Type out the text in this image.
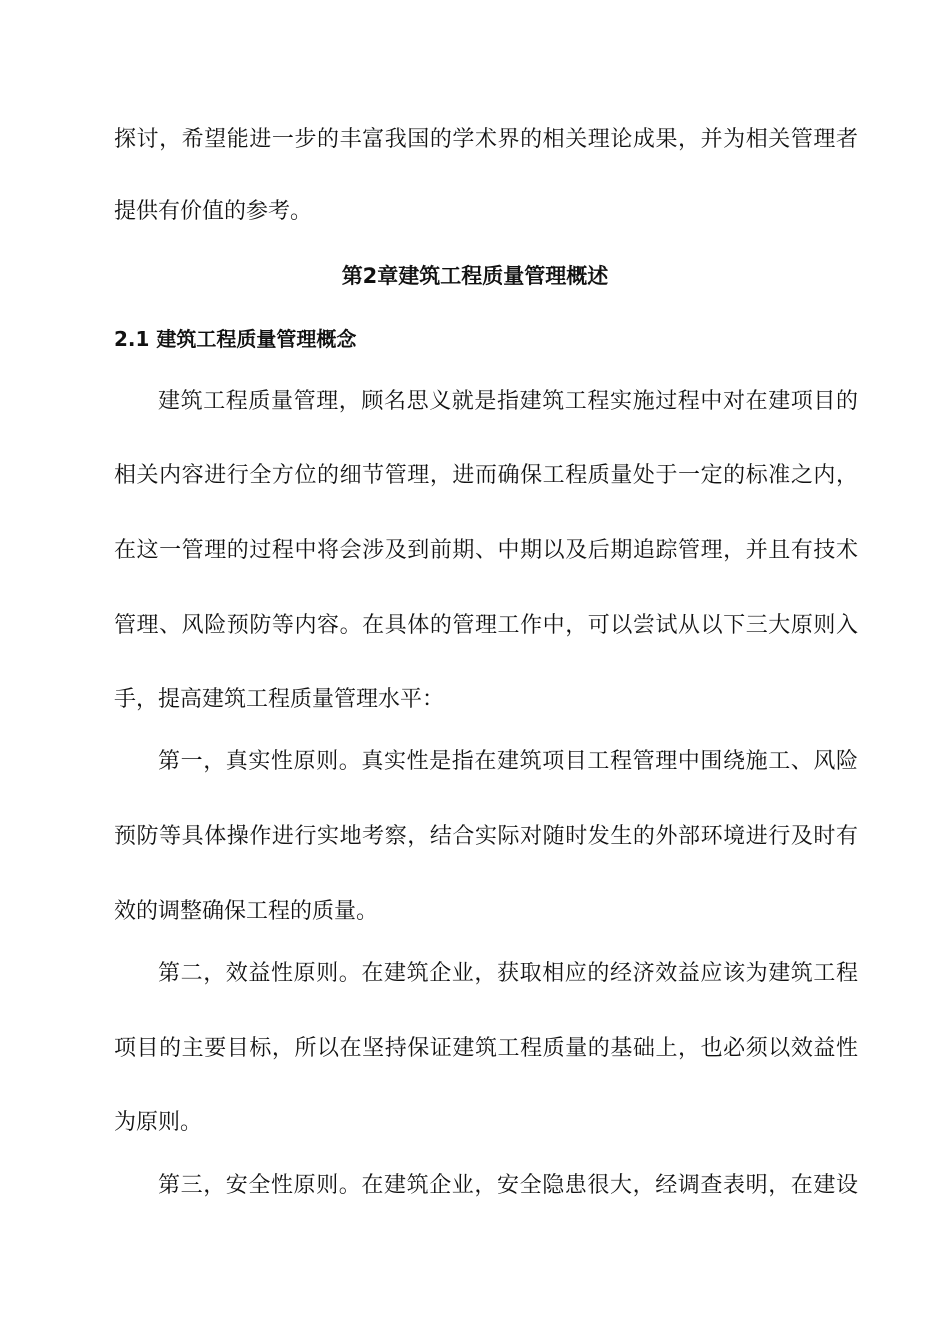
探讨，希望能进一步的丰富我国的学术界的相关理论成果，并为相关管理者
提供有价值的参考。
第2章建筑工程质量管理概述
2.1 建筑工程质量管理概念
建筑工程质量管理，顾名思义就是指建筑工程实施过程中对在建项目的
相关内容进行全方位的细节管理，进而确保工程质量处于一定的标准之内，
在这一管理的过程中将会涉及到前期、中期以及后期追踪管理，并且有技术
管理、风险预防等内容。在具体的管理工作中，可以尝试从以下三大原则入
手，提高建筑工程质量管理水平：
第一，真实性原则。真实性是指在建筑项目工程管理中围绕施工、风险
预防等具体操作进行实地考察，结合实际对随时发生的外部环境进行及时有
效的调整确保工程的质量。
第二，效益性原则。在建筑企业，获取相应的经济效益应该为建筑工程
项目的主要目标，所以在坚持保证建筑工程质量的基础上，也必须以效益性
为原则。
第三，安全性原则。在建筑企业，安全隐患很大，经调查表明，在建设
